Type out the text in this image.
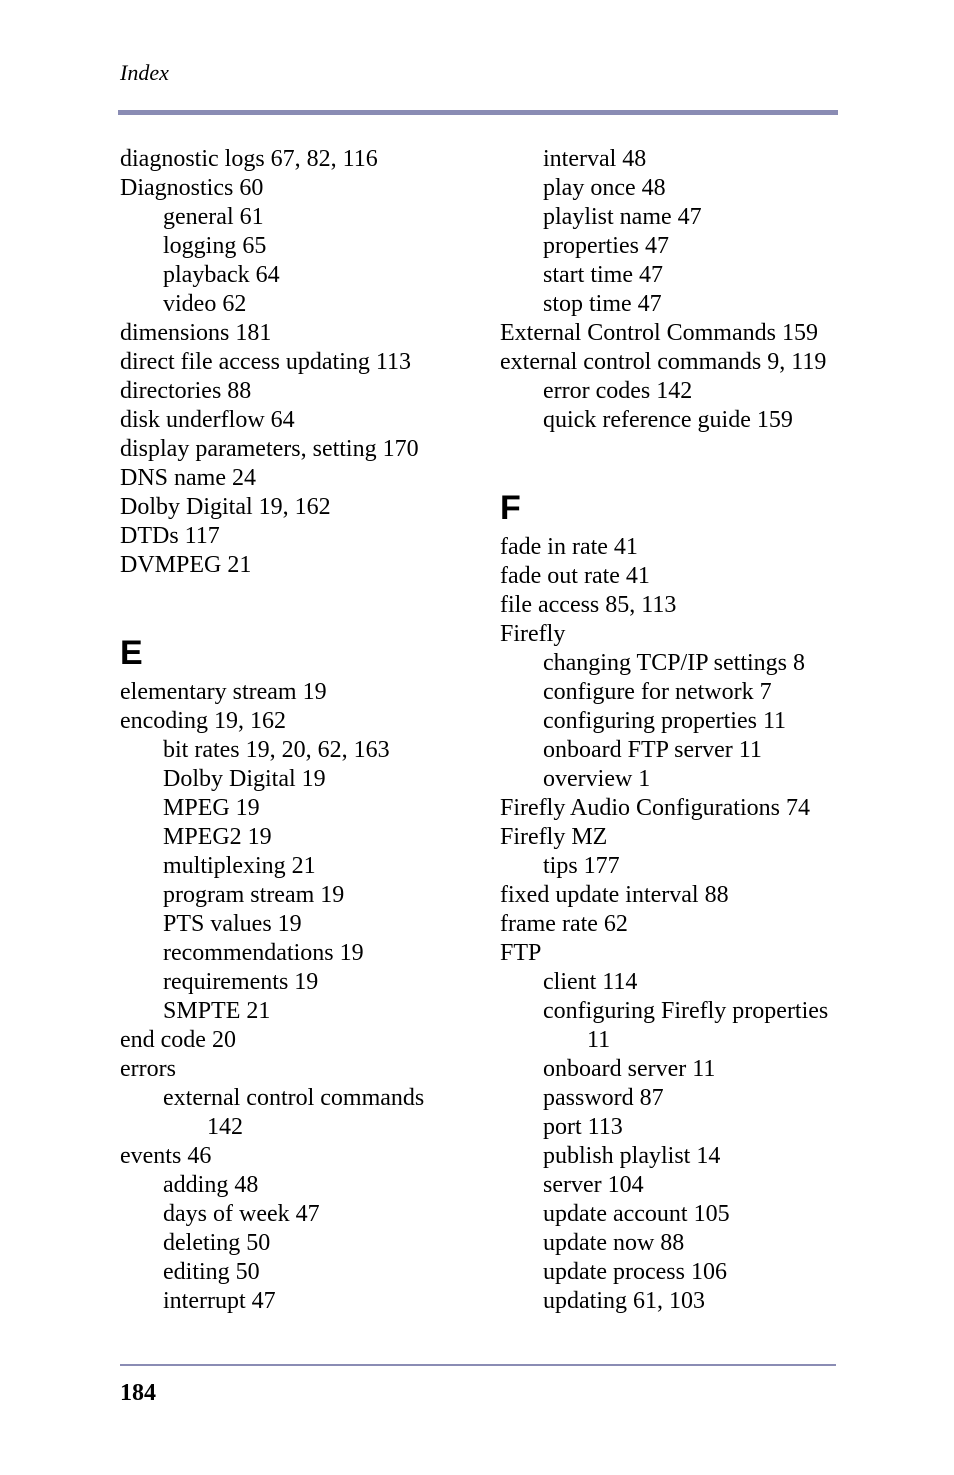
Index
diagnostic logs 67, 82, 116
Diagnostics 60
general 61
logging 65
playback 64
video 62
dimensions 181
direct file access updating 113
directories 88
disk underflow 64
display parameters, setting 170
DNS name 24
Dolby Digital 19, 162
DTDs 117
DVMPEG 21
E
elementary stream 19
encoding 19, 162
bit rates 19, 20, 62, 163
Dolby Digital 19
MPEG 19
MPEG2 19
multiplexing 21
program stream 19
PTS values 19
recommendations 19
requirements 19
SMPTE 21
end code 20
errors
external control commands
142
events 46
adding 48
days of week 47
deleting 50
editing 50
interrupt 47
interval 48
play once 48
playlist name 47
properties 47
start time 47
stop time 47
External Control Commands 159
external control commands 9, 119
error codes 142
quick reference guide 159
F
fade in rate 41
fade out rate 41
file access 85, 113
Firefly
changing TCP/IP settings 8
configure for network 7
configuring properties 11
onboard FTP server 11
overview 1
Firefly Audio Configurations 74
Firefly MZ
tips 177
fixed update interval 88
frame rate 62
FTP
client 114
configuring Firefly properties
11
onboard server 11
password 87
port 113
publish playlist 14
server 104
update account 105
update now 88
update process 106
updating 61, 103
184
